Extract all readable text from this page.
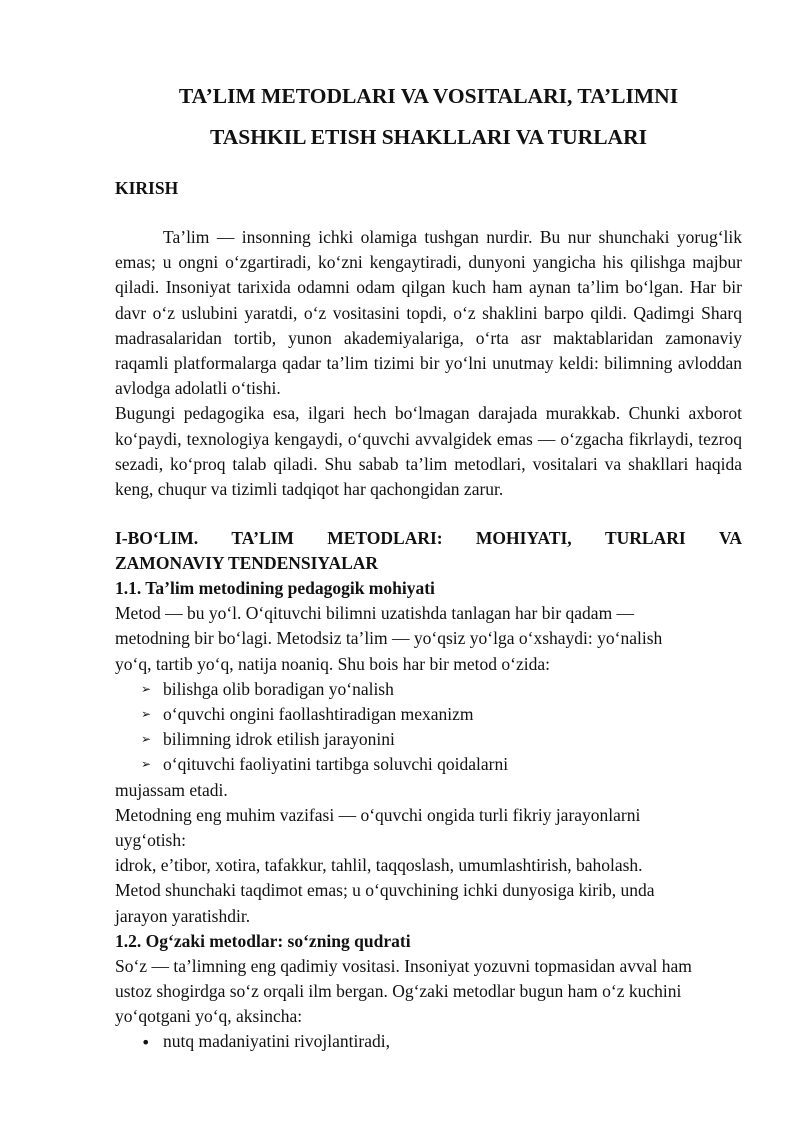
TA’LIM METODLARI VA VOSITALARI, TA’LIMNI
TASHKIL ETISH SHAKLLARI VA TURLARI
KIRISH

Ta’lim — insonning ichki olamiga tushgan nurdir. Bu nur shunchaki yorug‘lik emas; u ongni o‘zgartiradi, ko‘zni kengaytiradi, dunyoni yangicha his qilishga majbur qiladi. Insoniyat tarixida odamni odam qilgan kuch ham aynan ta’lim bo‘lgan. Har bir davr o‘z uslubini yaratdi, o‘z vositasini topdi, o‘z shaklini barpo qildi. Qadimgi Sharq madrasalaridan tortib, yunon akademiyalariga, o‘rta asr maktablaridan zamonaviy raqamli platformalarga qadar ta’lim tizimi bir yo‘lni unutmay keldi: bilimning avloddan avlodga adolatli o‘tishi.

Bugungi pedagogika esa, ilgari hech bo‘lmagan darajada murakkab. Chunki axborot ko‘paydi, texnologiya kengaydi, o‘quvchi avvalgidek emas — o‘zgacha fikrlaydi, tezroq sezadi, ko‘proq talab qiladi. Shu sabab ta’lim metodlari, vositalari va shakllari haqida keng, chuqur va tizimli tadqiqot har qachongidan zarur.

I-BO‘LIM. TA’LIM METODLARI: MOHIYATI, TURLARI VA
ZAMONAVIY TENDENSIYALAR
1.1. Ta’lim metodining pedagogik mohiyati
Metod — bu yo‘l. O‘qituvchi bilimni uzatishda tanlagan har bir qadam —
metodning bir bo‘lagi. Metodsiz ta’lim — yo‘qsiz yo‘lga o‘xshaydi: yo‘nalish
yo‘q, tartib yo‘q, natija noaniq. Shu bois har bir metod o‘zida:
➢ bilishga olib boradigan yo‘nalish
➢ o‘quvchi ongini faollashtiradigan mexanizm
➢ bilimning idrok etilish jarayonini
➢ o‘qituvchi faoliyatini tartibga soluvchi qoidalarni
mujassam etadi.
Metodning eng muhim vazifasi — o‘quvchi ongida turli fikriy jarayonlarni
uyg‘otish:
idrok, e’tibor, xotira, tafakkur, tahlil, taqqoslash, umumlashtirish, baholash.
Metod shunchaki taqdimot emas; u o‘quvchining ichki dunyosiga kirib, unda
jarayon yaratishdir.
1.2. Og‘zaki metodlar: so‘zning qudrati
So‘z — ta’limning eng qadimiy vositasi. Insoniyat yozuvni topmasidan avval ham
ustoz shogirdga so‘z orqali ilm bergan. Og‘zaki metodlar bugun ham o‘z kuchini
yo‘qotgani yo‘q, aksincha:
• nutq madaniyatini rivojlantiradi,
